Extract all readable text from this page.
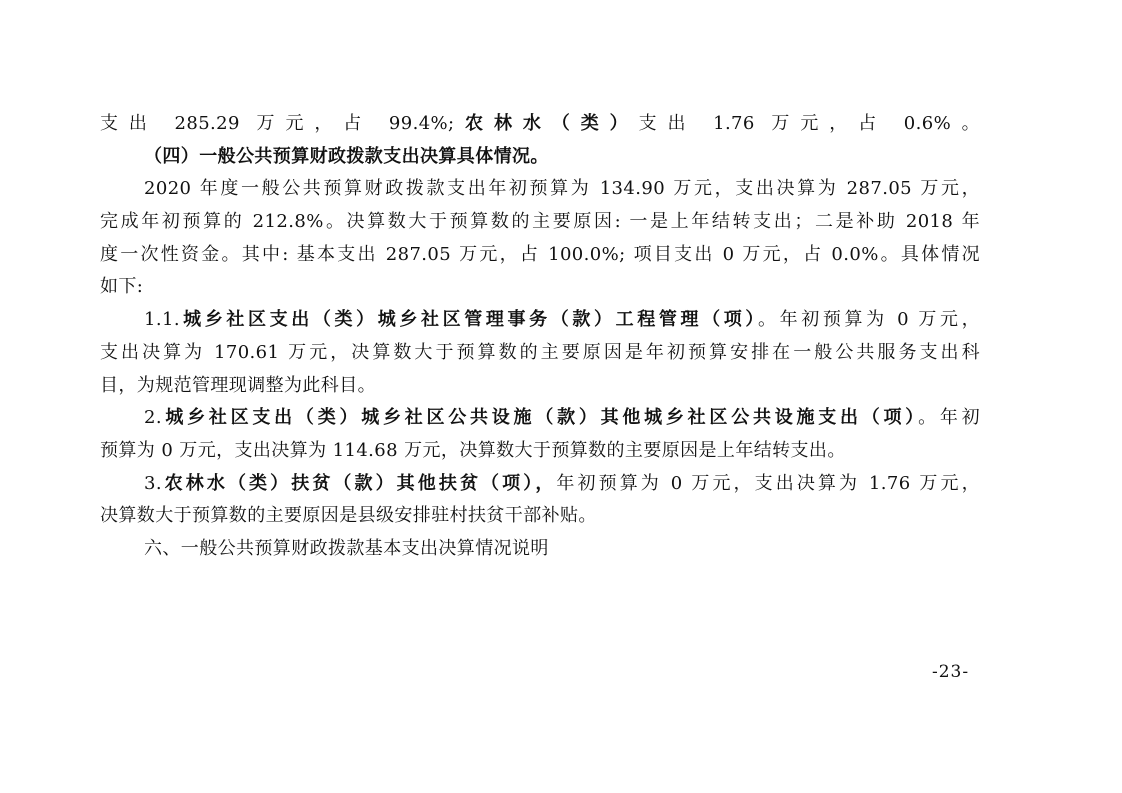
支出 285.29 万元，占 99.4%;农林水（类）支出 1.76 万元，占 0.6%。
（四）一般公共预算财政拨款支出决算具体情况。
2020 年度一般公共预算财政拨款支出年初预算为 134.90 万元，支出决算为 287.05 万元，
完成年初预算的 212.8%。决算数大于预算数的主要原因: 一是上年结转支出；二是补助 2018 年
度一次性资金。其中: 基本支出 287.05 万元，占 100.0%; 项目支出 0 万元，占 0.0%。具体情况
如下:
1.1.城乡社区支出（类）城乡社区管理事务（款）工程管理（项）。年初预算为 0 万元，
支出决算为 170.61 万元，决算数大于预算数的主要原因是年初预算安排在一般公共服务支出科
目，为规范管理现调整为此科目。
2.城乡社区支出（类）城乡社区公共设施（款）其他城乡社区公共设施支出（项）。年初
预算为 0 万元，支出决算为 114.68 万元，决算数大于预算数的主要原因是上年结转支出。
3.农林水（类）扶贫（款）其他扶贫（项），年初预算为 0 万元，支出决算为 1.76 万元，
决算数大于预算数的主要原因是县级安排驻村扶贫干部补贴。
六、一般公共预算财政拨款基本支出决算情况说明
-23-
